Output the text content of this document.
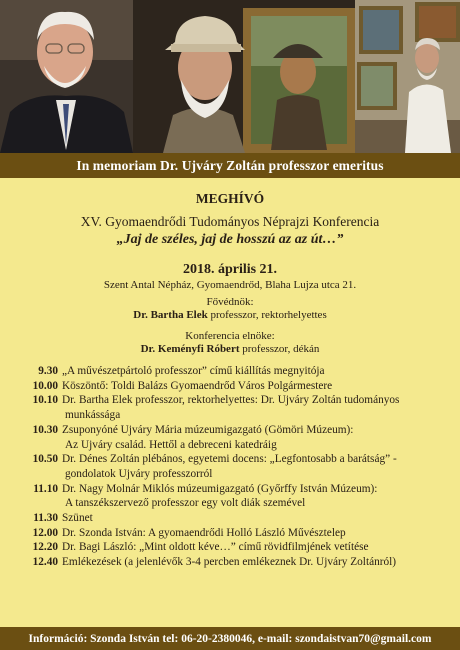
In memoriam Dr. Ujváry Zoltán professzor emeritus
MEGHÍVÓ
XV. Gyomaendrődi Tudományos Néprajzi Konferencia
„Jaj de széles, jaj de hosszú az az út…”
2018. április 21.
Szent Antal Népház, Gyomaendrőd, Blaha Lujza utca 21.
Fővédnök:
Dr. Bartha Elek professzor, rektorhelyettes
Konferencia elnöke:
Dr. Keményfi Róbert professzor, dékán
9.30 „A művészetpártoló professzor” című kiállítás megnyitója
10.00 Köszöntő: Toldi Balázs Gyomaendrőd Város Polgármestere
10.10 Dr. Bartha Elek professzor, rektorhelyettes: Dr. Ujváry Zoltán tudományos
munkássága
10.30 Zsuponyóné Ujváry Mária múzeumigazgató (Gömöri Múzeum):
Az Ujváry család. Hettől a debreceni katedráig
10.50 Dr. Dénes Zoltán plébános, egyetemi docens: „Legfontosabb a barátság” -
gondolatok Ujváry professzorról
11.10 Dr. Nagy Molnár Miklós múzeumigazgató (Győrffy István Múzeum):
A tanszékszervező professzor egy volt diák szemével
11.30 Szünet
12.00 Dr. Szonda István: A gyomaendrődi Holló László Művésztelep
12.20 Dr. Bagi László: „Mint oldott kéve…” című rövidfilmjének vetítése
12.40 Emlékezések (a jelenlévők 3-4 percben emlékeznek Dr. Ujváry Zoltánról)
Információ: Szonda István tel: 06-20-2380046, e-mail: szondaistvan70@gmail.com
